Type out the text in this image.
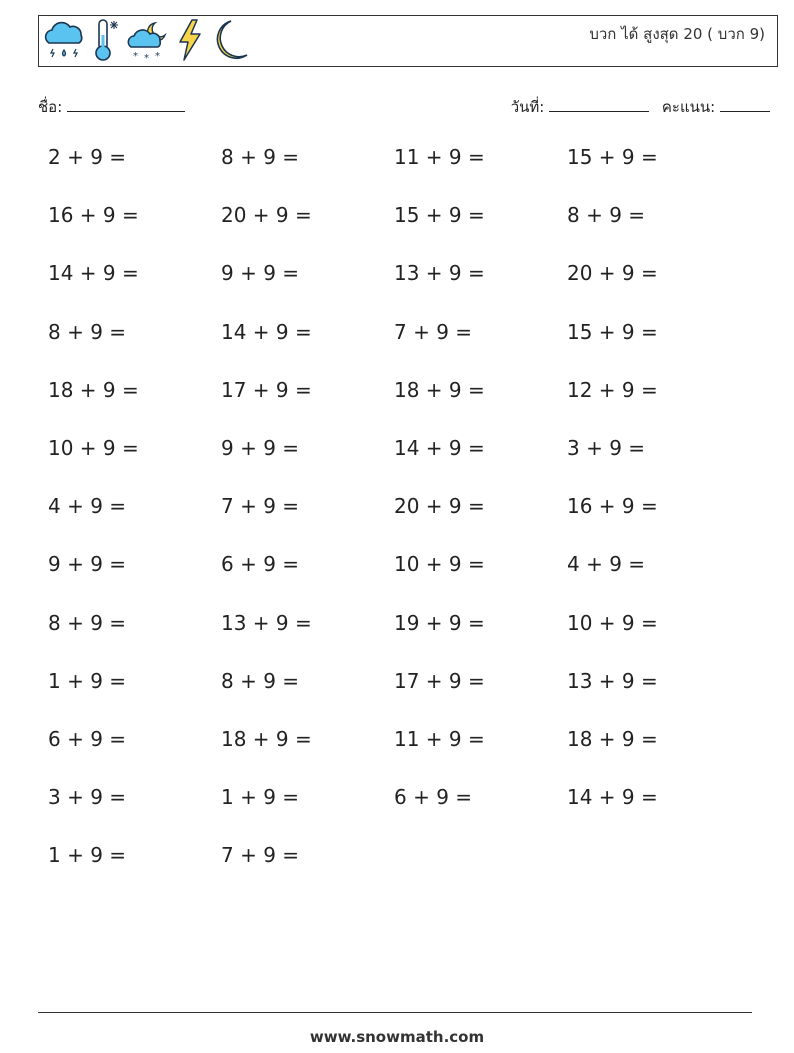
* * *
บวก ได้ สูงสุด 20 ( บวก 9)
ชื่อ:	วันที่:	คะแนน:
2 + 9 =	8 + 9 =	11 + 9 =	15 + 9 =
16 + 9 =	20 + 9 =	15 + 9 =	8 + 9 =
14 + 9 =	9 + 9 =	13 + 9 =	20 + 9 =
8 + 9 =	14 + 9 =	7 + 9 =	15 + 9 =
18 + 9 =	17 + 9 =	18 + 9 =	12 + 9 =
10 + 9 =	9 + 9 =	14 + 9 =	3 + 9 =
4 + 9 =	7 + 9 =	20 + 9 =	16 + 9 =
9 + 9 =	6 + 9 =	10 + 9 =	4 + 9 =
8 + 9 =	13 + 9 =	19 + 9 =	10 + 9 =
1 + 9 =	8 + 9 =	17 + 9 =	13 + 9 =
6 + 9 =	18 + 9 =	11 + 9 =	18 + 9 =
3 + 9 =	1 + 9 =	6 + 9 =	14 + 9 =
1 + 9 =	7 + 9 =
www.snowmath.com
